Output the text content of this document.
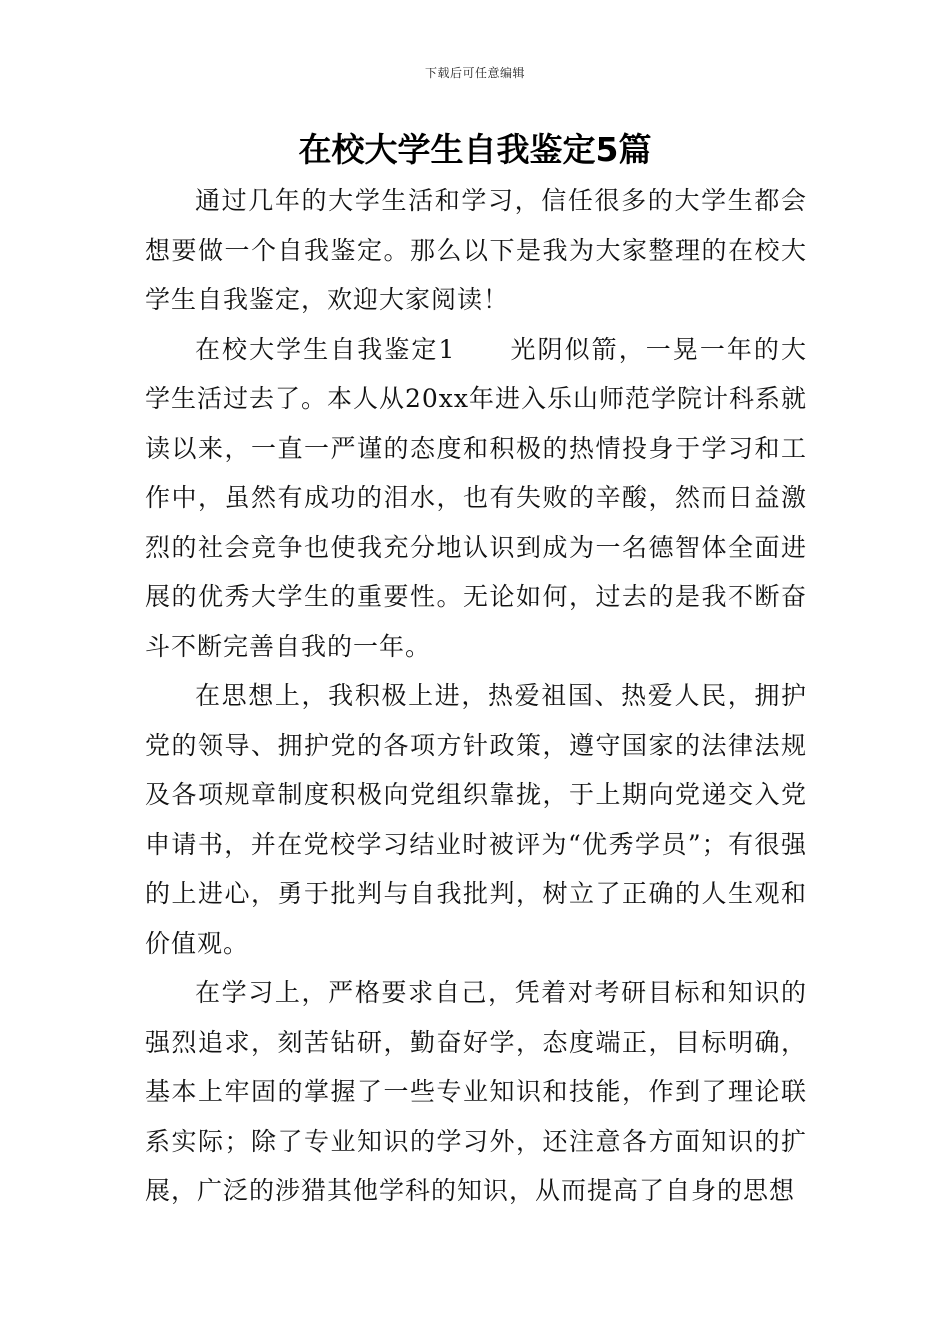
下载后可任意编辑
在校大学生自我鉴定5篇

通过几年的大学生活和学习，信任很多的大学生都会想要做一个自我鉴定。那么以下是我为大家整理的在校大学生自我鉴定，欢迎大家阅读！

在校大学生自我鉴定1　　光阴似箭，一晃一年的大学生活过去了。本人从20xx年进入乐山师范学院计科系就读以来，一直一严谨的态度和积极的热情投身于学习和工作中，虽然有成功的泪水，也有失败的辛酸，然而日益激烈的社会竞争也使我充分地认识到成为一名德智体全面进展的优秀大学生的重要性。无论如何，过去的是我不断奋斗不断完善自我的一年。

在思想上，我积极上进，热爱祖国、热爱人民，拥护党的领导、拥护党的各项方针政策，遵守国家的法律法规及各项规章制度积极向党组织靠拢，于上期向党递交入党申请书，并在党校学习结业时被评为“优秀学员”；有很强的上进心，勇于批判与自我批判，树立了正确的人生观和价值观。

在学习上，严格要求自己，凭着对考研目标和知识的强烈追求，刻苦钻研，勤奋好学，态度端正，目标明确，基本上牢固的掌握了一些专业知识和技能，作到了理论联系实际；除了专业知识的学习外，还注意各方面知识的扩展，广泛的涉猎其他学科的知识，从而提高了自身的思想
